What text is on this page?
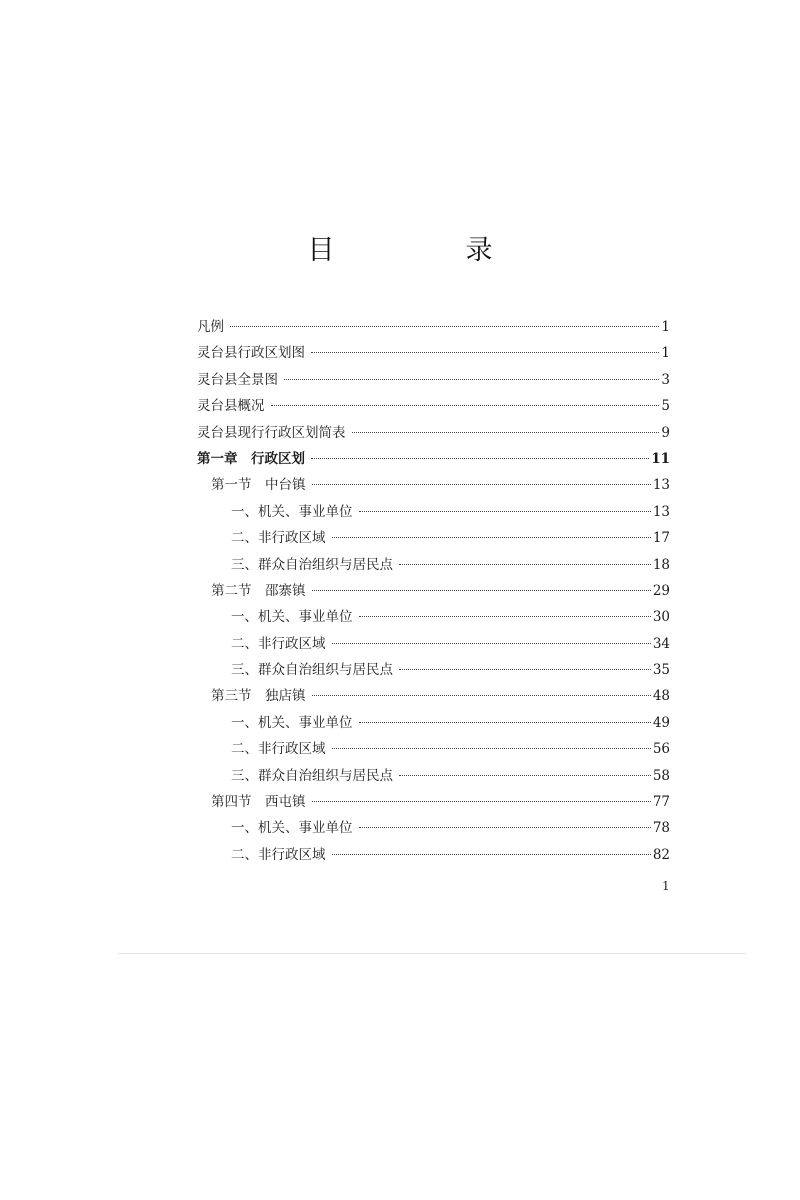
目　录
凡例	1
灵台县行政区划图	1
灵台县全景图	3
灵台县概况	5
灵台县现行行政区划简表	9
第一章　行政区划	11
第一节　中台镇	13
一、机关、事业单位	13
二、非行政区域	17
三、群众自治组织与居民点	18
第二节　邵寨镇	29
一、机关、事业单位	30
二、非行政区域	34
三、群众自治组织与居民点	35
第三节　独店镇	48
一、机关、事业单位	49
二、非行政区域	56
三、群众自治组织与居民点	58
第四节　西屯镇	77
一、机关、事业单位	78
二、非行政区域	82
1
